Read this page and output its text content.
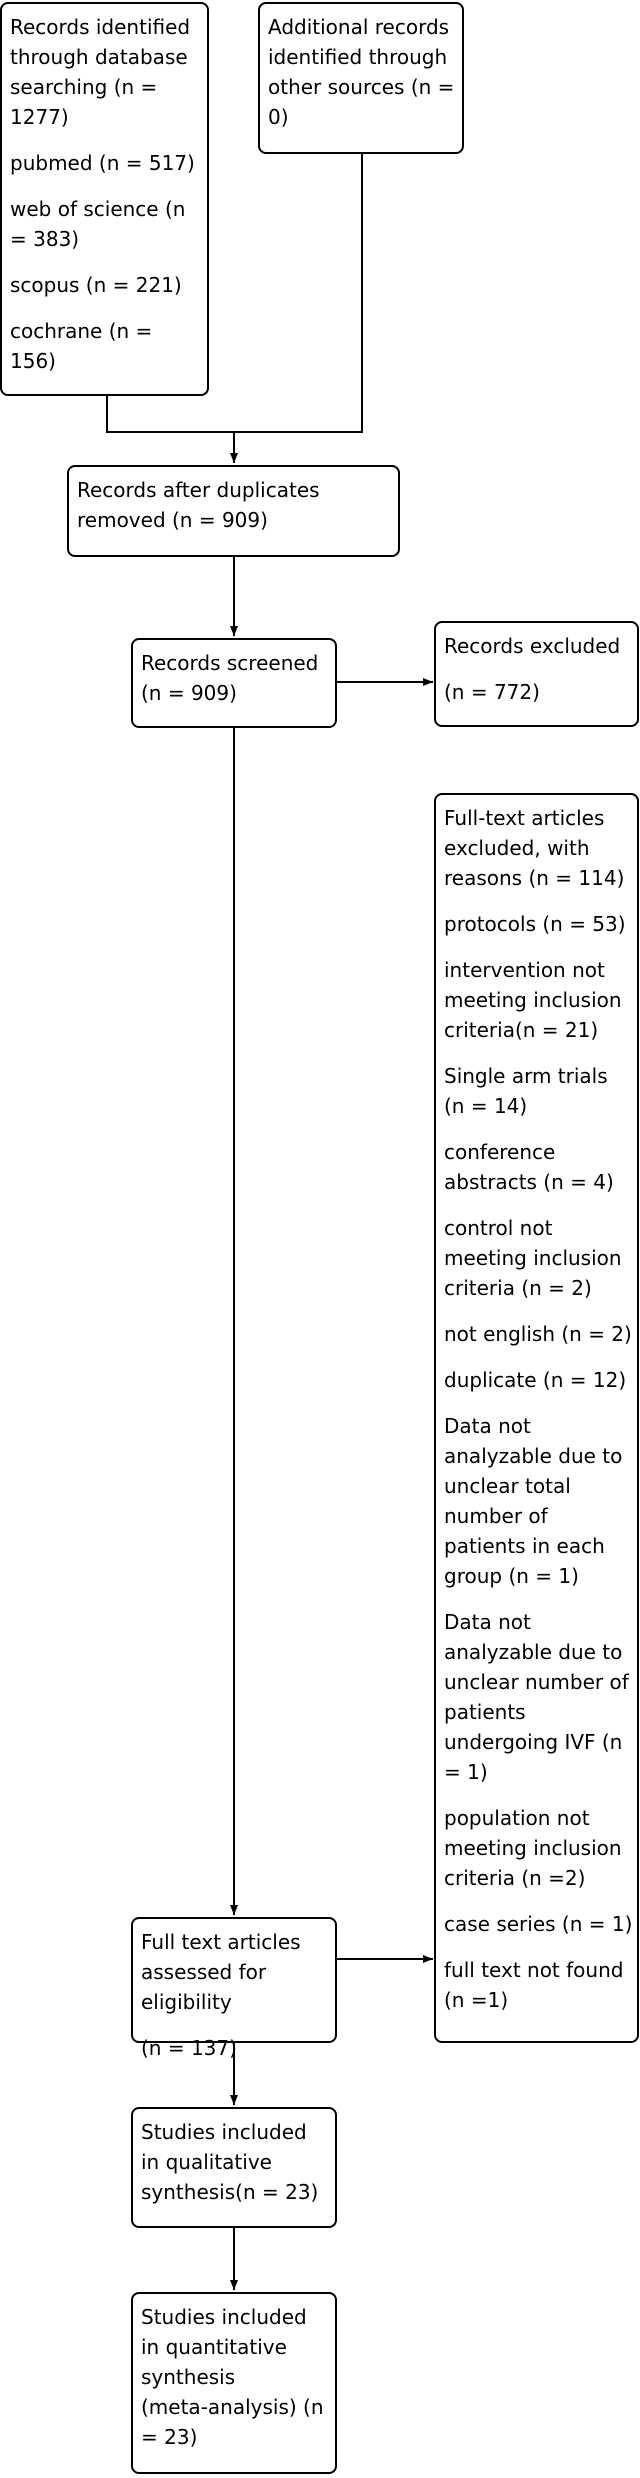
Records identified

through database

searching (n =

1277)

pubmed (n = 517)

web of science (n

= 383)

scopus (n = 221)

cochrane (n =

156)

Additional records

identified through

other sources (n =

0)

Records after duplicates

removed (n = 909)

Records screened

(n = 909)

Records excluded

(n = 772)

Full-text articles

excluded, with

reasons (n = 114)

protocols (n = 53)

intervention not

meeting inclusion

criteria(n = 21)

Single arm trials

(n = 14)

conference

abstracts (n = 4)

control not

meeting inclusion

criteria (n = 2)

not english (n = 2)

duplicate (n = 12)

Data not

analyzable due to

unclear total

number of

patients in each

group (n = 1)

Data not

analyzable due to

unclear number of

patients

undergoing IVF (n

= 1)

population not

meeting inclusion

criteria (n =2)

case series (n = 1)

full text not found

(n =1)

Full text articles

assessed for

eligibility

(n = 137)

Studies included

in qualitative

synthesis(n = 23)

Studies included

in quantitative

synthesis

(meta-analysis) (n

= 23)
